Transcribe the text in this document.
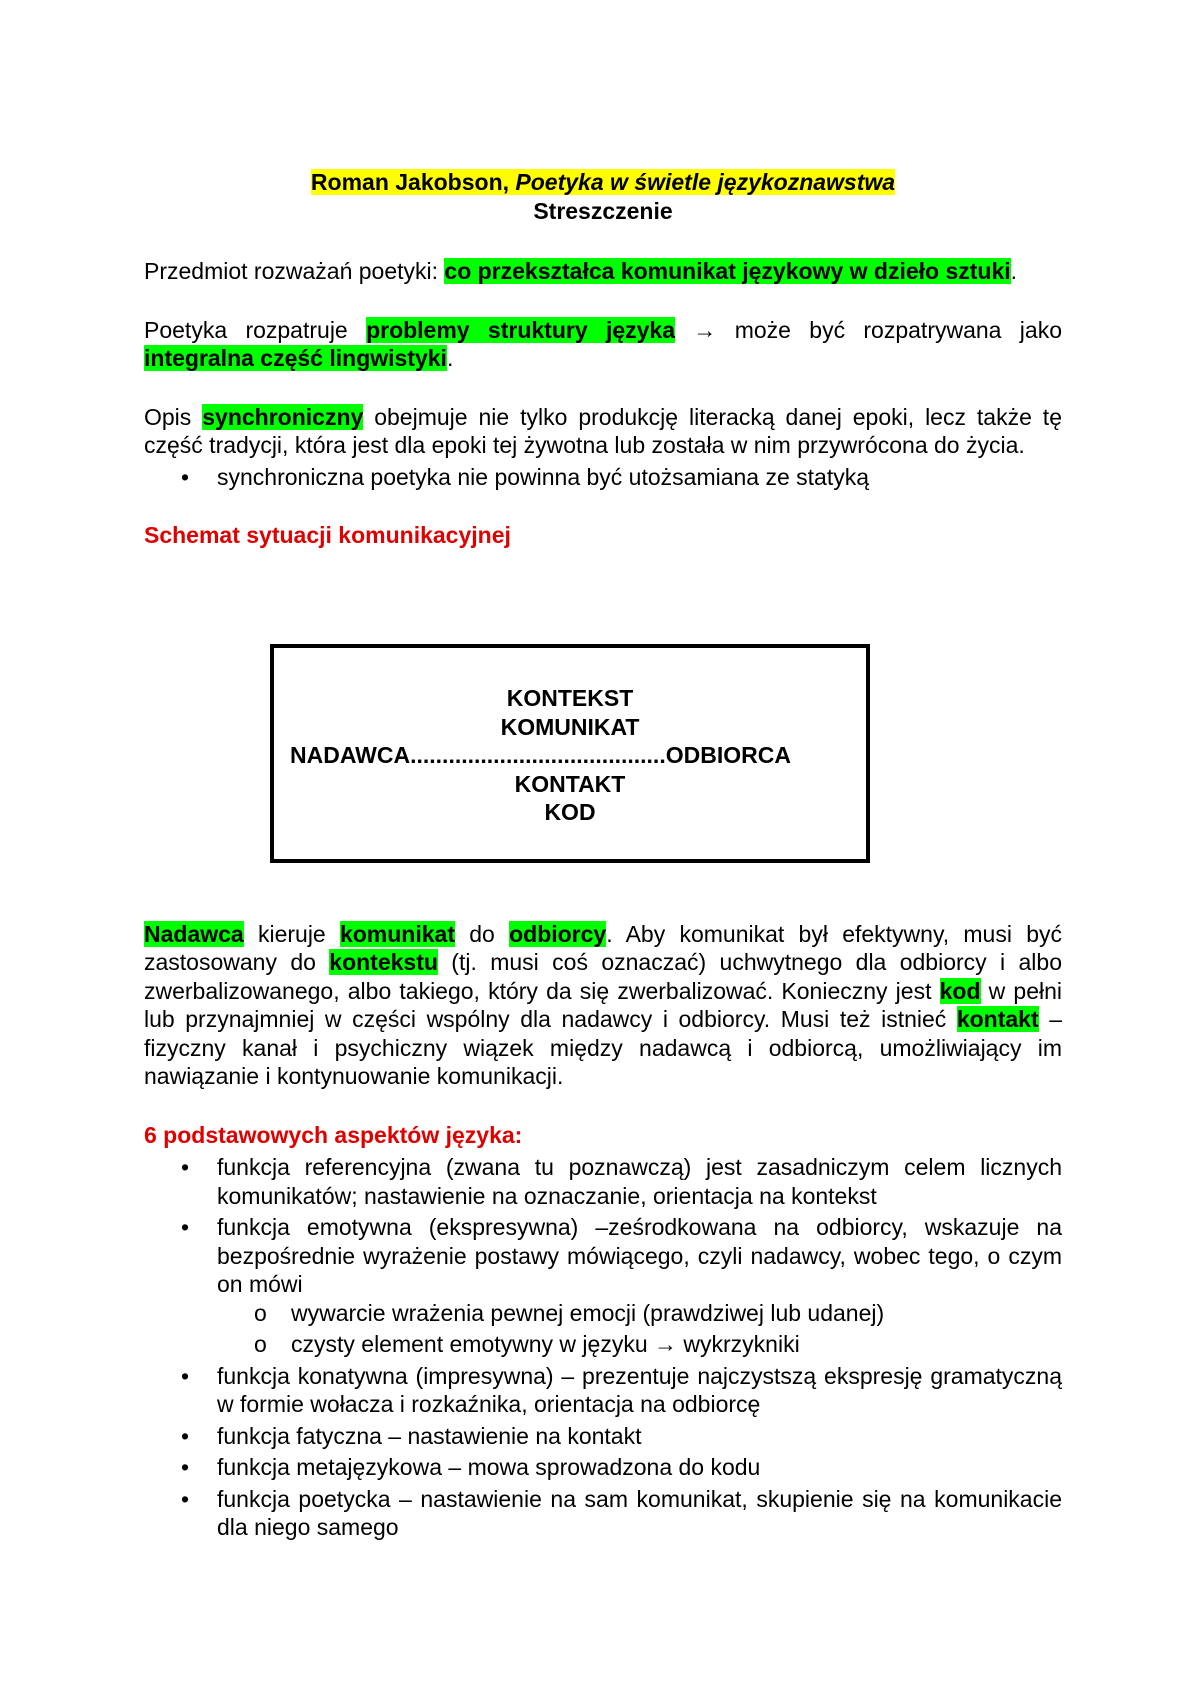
Roman Jakobson, Poetyka w świetle językoznawstwa
Streszczenie

Przedmiot rozważań poetyki: co przekształca komunikat językowy w dzieło sztuki.

Poetyka rozpatruje problemy struktury języka → może być rozpatrywana jako integralna część lingwistyki.

Opis synchroniczny obejmuje nie tylko produkcję literacką danej epoki, lecz także tę część tradycji, która jest dla epoki tej żywotna lub została w nim przywrócona do życia.

• synchroniczna poetyka nie powinna być utożsamiana ze statyką

Schemat sytuacji komunikacyjnej

Nadawca kieruje komunikat do odbiorcy. Aby komunikat był efektywny, musi być zastosowany do kontekstu (tj. musi coś oznaczać) uchwytnego dla odbiorcy i albo zwerbalizowanego, albo takiego, który da się zwerbalizować. Konieczny jest kod w pełni lub przynajmniej w części wspólny dla nadawcy i odbiorcy. Musi też istnieć kontakt – fizyczny kanał i psychiczny wiązek między nadawcą i odbiorcą, umożliwiający im nawiązanie i kontynuowanie komunikacji.

6 podstawowych aspektów języka:

• funkcja referencyjna (zwana tu poznawczą) jest zasadniczym celem licznych komunikatów; nastawienie na oznaczanie, orientacja na kontekst
• funkcja emotywna (ekspresywna) –ześrodkowana na odbiorcy, wskazuje na bezpośrednie wyrażenie postawy mówiącego, czyli nadawcy, wobec tego, o czym on mówi
o wywarcie wrażenia pewnej emocji (prawdziwej lub udanej)
o czysty element emotywny w języku → wykrzykniki
• funkcja konatywna (impresywna) – prezentuje najczystszą ekspresję gramatyczną w formie wołacza i rozkaźnika, orientacja na odbiorcę
• funkcja fatyczna – nastawienie na kontakt
• funkcja metajęzykowa – mowa sprowadzona do kodu
• funkcja poetycka – nastawienie na sam komunikat, skupienie się na komunikacie dla niego samego
KONTEKST
KOMUNIKAT
NADAWCA........................................ODBIORCA
KONTAKT
KOD
